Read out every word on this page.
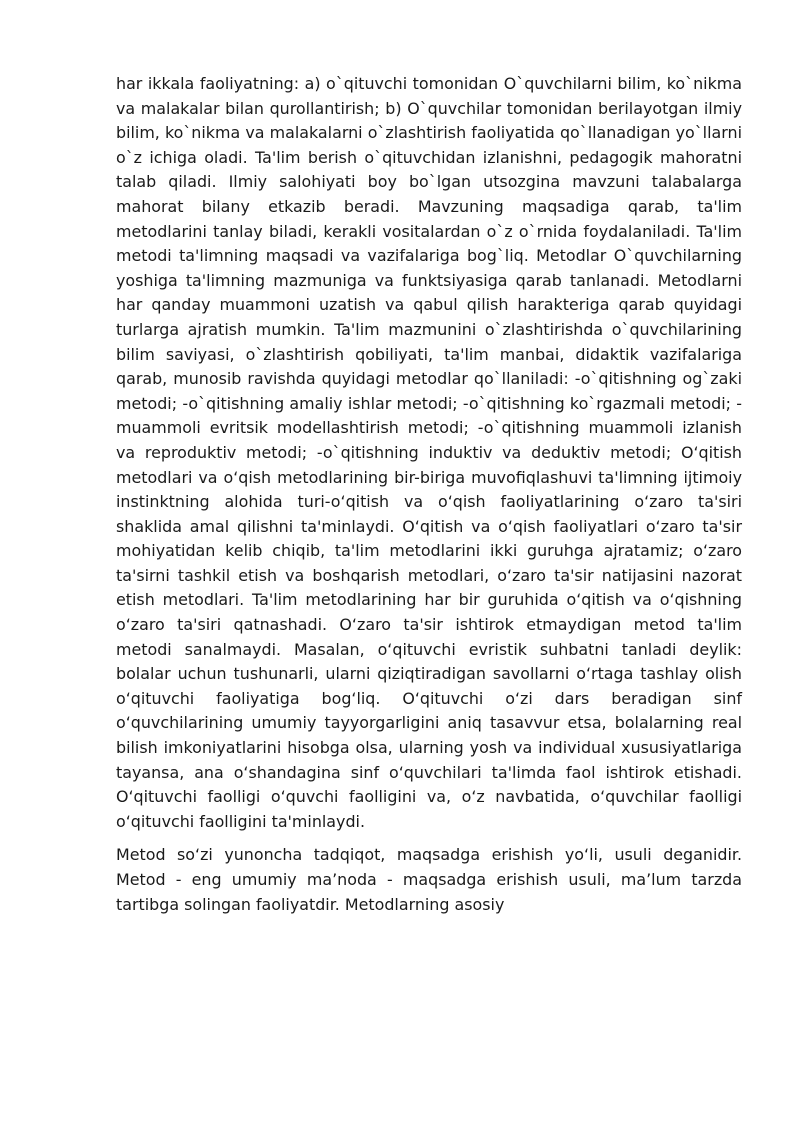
har ikkala faoliyatning: a) o`qituvchi tomonidan O`quvchilarni bilim, ko`nikma va malakalar bilan qurollantirish; b) O`quvchilar tomonidan berilayotgan ilmiy bilim, ko`nikma va malakalarni o`zlashtirish faoliyatida qo`llanadigan yo`llarni o`z ichiga oladi. Ta'lim berish o`qituvchidan izlanishni, pedagogik mahoratni talab qiladi. Ilmiy salohiyati boy bo`lgan utsozgina mavzuni talabalarga mahorat bilany etkazib beradi. Mavzuning maqsadiga qarab, ta'lim metodlarini tanlay biladi, kerakli vositalardan o`z o`rnida foydalaniladi. Ta'lim metodi ta'limning maqsadi va vazifalariga bog`liq. Metodlar O`quvchilarning yoshiga ta'limning mazmuniga va funktsiyasiga qarab tanlanadi. Metodlarni har qanday muammoni uzatish va qabul qilish harakteriga qarab quyidagi turlarga ajratish mumkin. Ta'lim mazmunini o`zlashtirishda o`quvchilarining bilim saviyasi, o`zlashtirish qobiliyati, ta'lim manbai, didaktik vazifalariga qarab, munosib ravishda quyidagi metodlar qo`llaniladi: -o`qitishning og`zaki metodi; -o`qitishning amaliy ishlar metodi; -o`qitishning ko`rgazmali metodi; -muammoli evritsik modellashtirish metodi; -o`qitishning muammoli izlanish va reproduktiv metodi; -o`qitishning induktiv va deduktiv metodi; O‘qitish metodlari va o‘qish metodlarining bir-biriga muvofiqlashuvi ta'limning ijtimoiy instinktning alohida turi-o‘qitish va o‘qish faoliyatlarining o‘zaro ta'siri shaklida amal qilishni ta'minlaydi. O‘qitish va o‘qish faoliyatlari o‘zaro ta'sir mohiyatidan kelib chiqib, ta'lim metodlarini ikki guruhga ajratamiz; o‘zaro ta'sirni tashkil etish va boshqarish metodlari, o‘zaro ta'sir natijasini nazorat etish metodlari. Ta'lim metodlarining har bir guruhida o‘qitish va o‘qishning o‘zaro ta'siri qatnashadi. O‘zaro ta'sir ishtirok etmaydigan metod ta'lim metodi sanalmaydi. Masalan, o‘qituvchi evristik suhbatni tanladi deylik: bolalar uchun tushunarli, ularni qiziqtiradigan savollarni o‘rtaga tashlay olish o‘qituvchi faoliyatiga bog‘liq. O‘qituvchi o‘zi dars beradigan sinf o‘quvchilarining umumiy tayyorgarligini aniq tasavvur etsa, bolalarning real bilish imkoniyatlarini hisobga olsa, ularning yosh va individual xususiyatlariga tayansa, ana o‘shandagina sinf o‘quvchilari ta'limda faol ishtirok etishadi. O‘qituvchi faolligi o‘quvchi faolligini va, o‘z navbatida, o‘quvchilar faolligi o‘qituvchi faolligini ta'minlaydi.

Metod so‘zi yunoncha tadqiqot, maqsadga erishish yo‘li, usuli deganidir. Metod - eng umumiy ma’noda - maqsadga erishish usuli, ma’lum tarzda tartibga solingan faoliyatdir. Metodlarning asosiy
